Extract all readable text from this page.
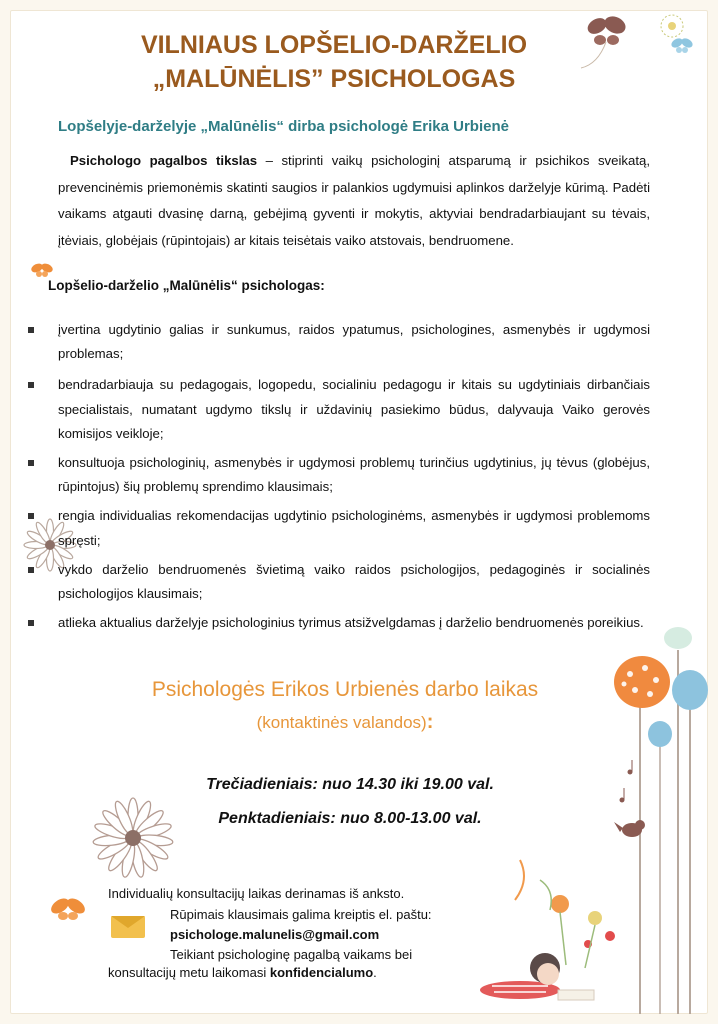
VILNIAUS LOPŠELIO-DARŽELIO
„MALŪNĖLIS” PSICHOLOGAS
Lopšelyje-darželyje „Malūnėlis“ dirba psichologė Erika Urbienė
Psichologo pagalbos tikslas – stiprinti vaikų psichologinį atsparumą ir psichikos sveikatą, prevencinėmis priemonėmis skatinti saugios ir palankios ugdymuisi aplinkos darželyje kūrimą. Padėti vaikams atgauti dvasinę darną, gebėjimą gyventi ir mokytis, aktyviai bendradarbiaujant su tėvais, įtėviais, globėjais (rūpintojais) ar kitais teisėtais vaiko atstovais, bendruomene.
Lopšelio-darželio „Malūnėlis“ psichologas:
įvertina ugdytinio galias ir sunkumus, raidos ypatumus, psichologines, asmenybės ir ugdymosi problemas;
bendradarbiauja su pedagogais, logopedu, socialiniu pedagogu ir kitais su ugdytiniais dirbančiais specialistais, numatant ugdymo tikslų ir uždavinių pasiekimo būdus, dalyvauja Vaiko gerovės komisijos veikloje;
konsultuoja psichologinių, asmenybės ir ugdymosi problemų turinčius ugdytinius, jų tėvus (globėjus, rūpintojus) šių problemų sprendimo klausimais;
rengia individualias rekomendacijas ugdytinio psichologinėms, asmenybės ir ugdymosi problemoms spręsti;
vykdo darželio bendruomenės švietimą vaiko raidos psichologijos, pedagoginės ir socialinės psichologijos klausimais;
atlieka aktualius darželyje psichologinius tyrimus atsižvelgdamas į darželio bendruomenės poreikius.
Psichologės Erikos Urbienės darbo laikas
(kontaktinės valandos):
Trečiadieniais: nuo 14.30 iki 19.00 val.
Penktadieniais: nuo 8.00-13.00 val.
Individualių konsultacijų laikas derinamas iš anksto.
Rūpimais klausimais galima kreiptis el. paštu:
psichologe.malunelis@gmail.com
Teikiant psichologinę pagalbą vaikams bei
konsultacijų metu laikomasi konfidencialumo.
